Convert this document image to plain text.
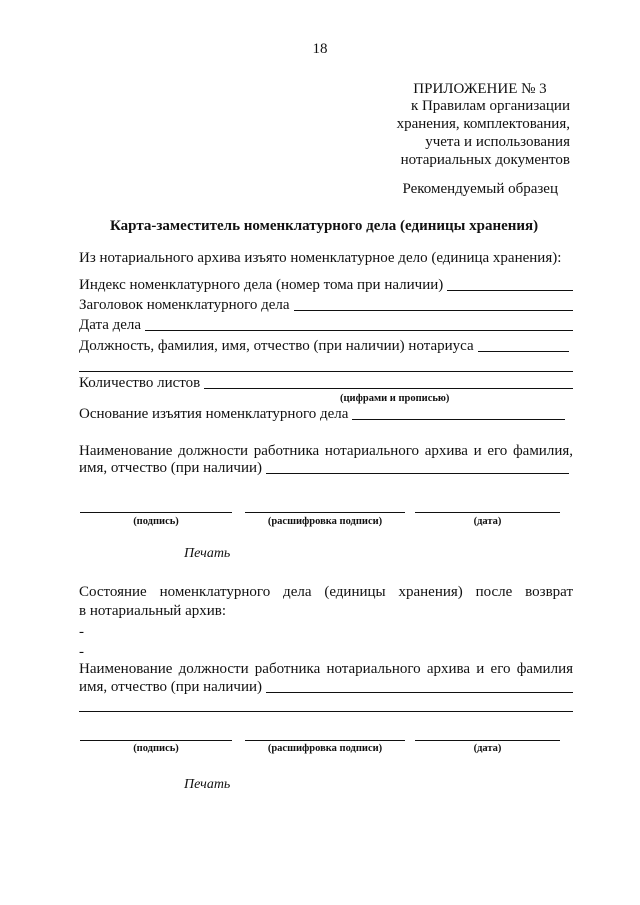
18
ПРИЛОЖЕНИЕ № 3
к Правилам организации
хранения, комплектования,
учета и использования
нотариальных документов
Рекомендуемый образец
Карта-заместитель номенклатурного дела (единицы хранения)
Из нотариального архива изъято номенклатурное дело (единица хранения):
Индекс номенклатурного дела (номер тома при наличии)
Заголовок номенклатурного дела
Дата дела
Должность, фамилия, имя, отчество (при наличии) нотариуса
Количество листов
(цифрами и прописью)
Основание изъятия номенклатурного дела
Наименование должности работника нотариального архива и его фамилия,
имя, отчество (при наличии)
(подпись)	(расшифровка подписи)	(дата)
Печать
Состояние номенклатурного дела (единицы хранения) после возврат
в нотариальный архив:
-
-
Наименование должности работника нотариального архива и его фамилия
имя, отчество (при наличии)
(подпись)	(расшифровка подписи)	(дата)
Печать
